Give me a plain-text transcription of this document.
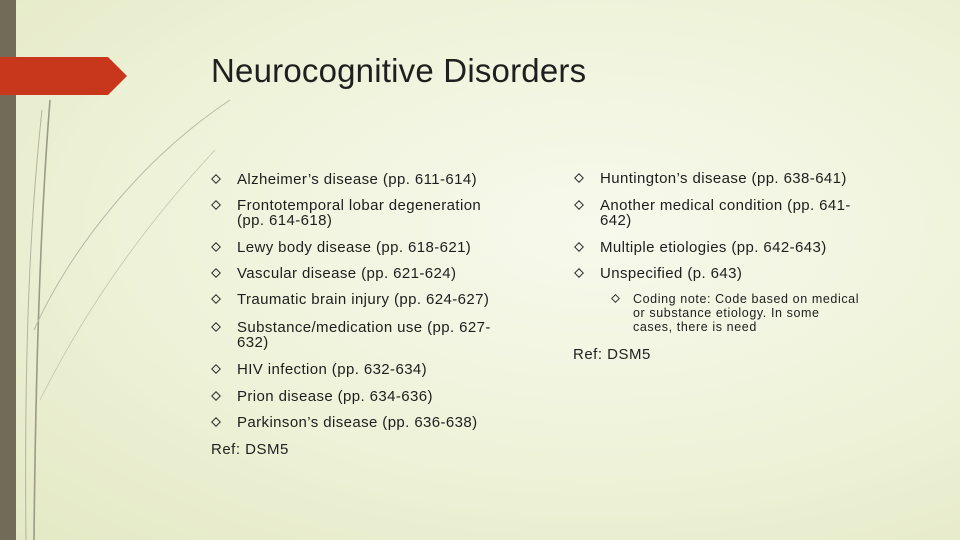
Neurocognitive Disorders
Alzheimer’s disease (pp. 611-614)
Frontotemporal lobar degeneration
(pp. 614-618)
Lewy body disease (pp. 618-621)
Vascular disease (pp. 621-624)
Traumatic brain injury (pp. 624-627)
Substance/medication use (pp. 627-
632)
HIV infection (pp. 632-634)
Prion disease (pp. 634-636)
Parkinson’s disease (pp. 636-638)
Ref: DSM5
Huntington’s disease (pp. 638-641)
Another medical condition (pp. 641-
642)
Multiple etiologies (pp. 642-643)
Unspecified (p. 643)
Coding note: Code based on medical
or substance etiology. In some
cases, there is need
Ref: DSM5
